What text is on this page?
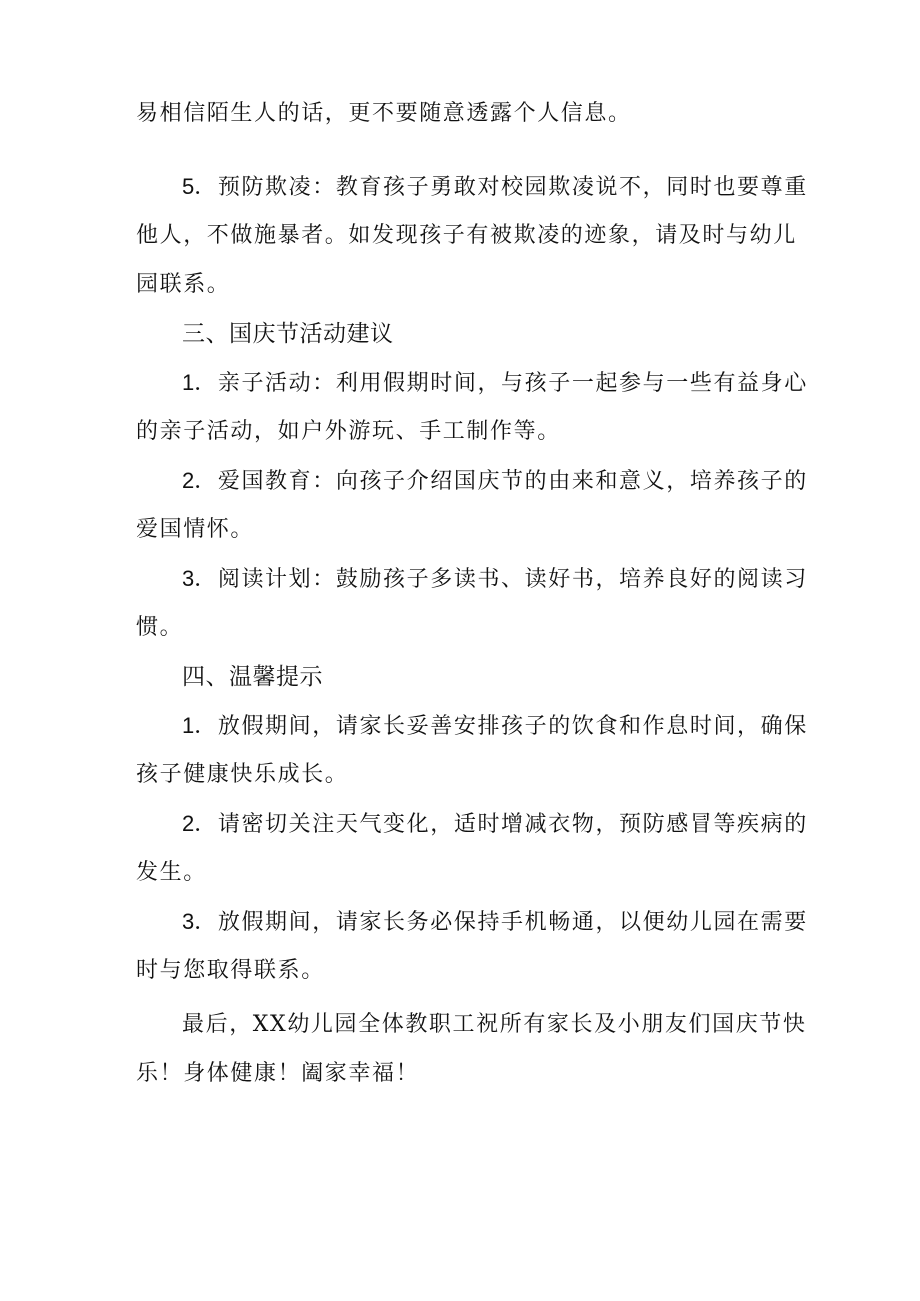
易相信陌生人的话，更不要随意透露个人信息。
5．预防欺凌：教育孩子勇敢对校园欺凌说不，同时也要尊重
他人，不做施暴者。如发现孩子有被欺凌的迹象，请及时与幼儿
园联系。
三、国庆节活动建议
1．亲子活动：利用假期时间，与孩子一起参与一些有益身心
的亲子活动，如户外游玩、手工制作等。
2．爱国教育：向孩子介绍国庆节的由来和意义，培养孩子的
爱国情怀。
3．阅读计划：鼓励孩子多读书、读好书，培养良好的阅读习
惯。
四、温馨提示
1．放假期间，请家长妥善安排孩子的饮食和作息时间，确保
孩子健康快乐成长。
2．请密切关注天气变化，适时增减衣物，预防感冒等疾病的
发生。
3．放假期间，请家长务必保持手机畅通，以便幼儿园在需要
时与您取得联系。
最后，XX幼儿园全体教职工祝所有家长及小朋友们国庆节快
乐！身体健康！阖家幸福！
